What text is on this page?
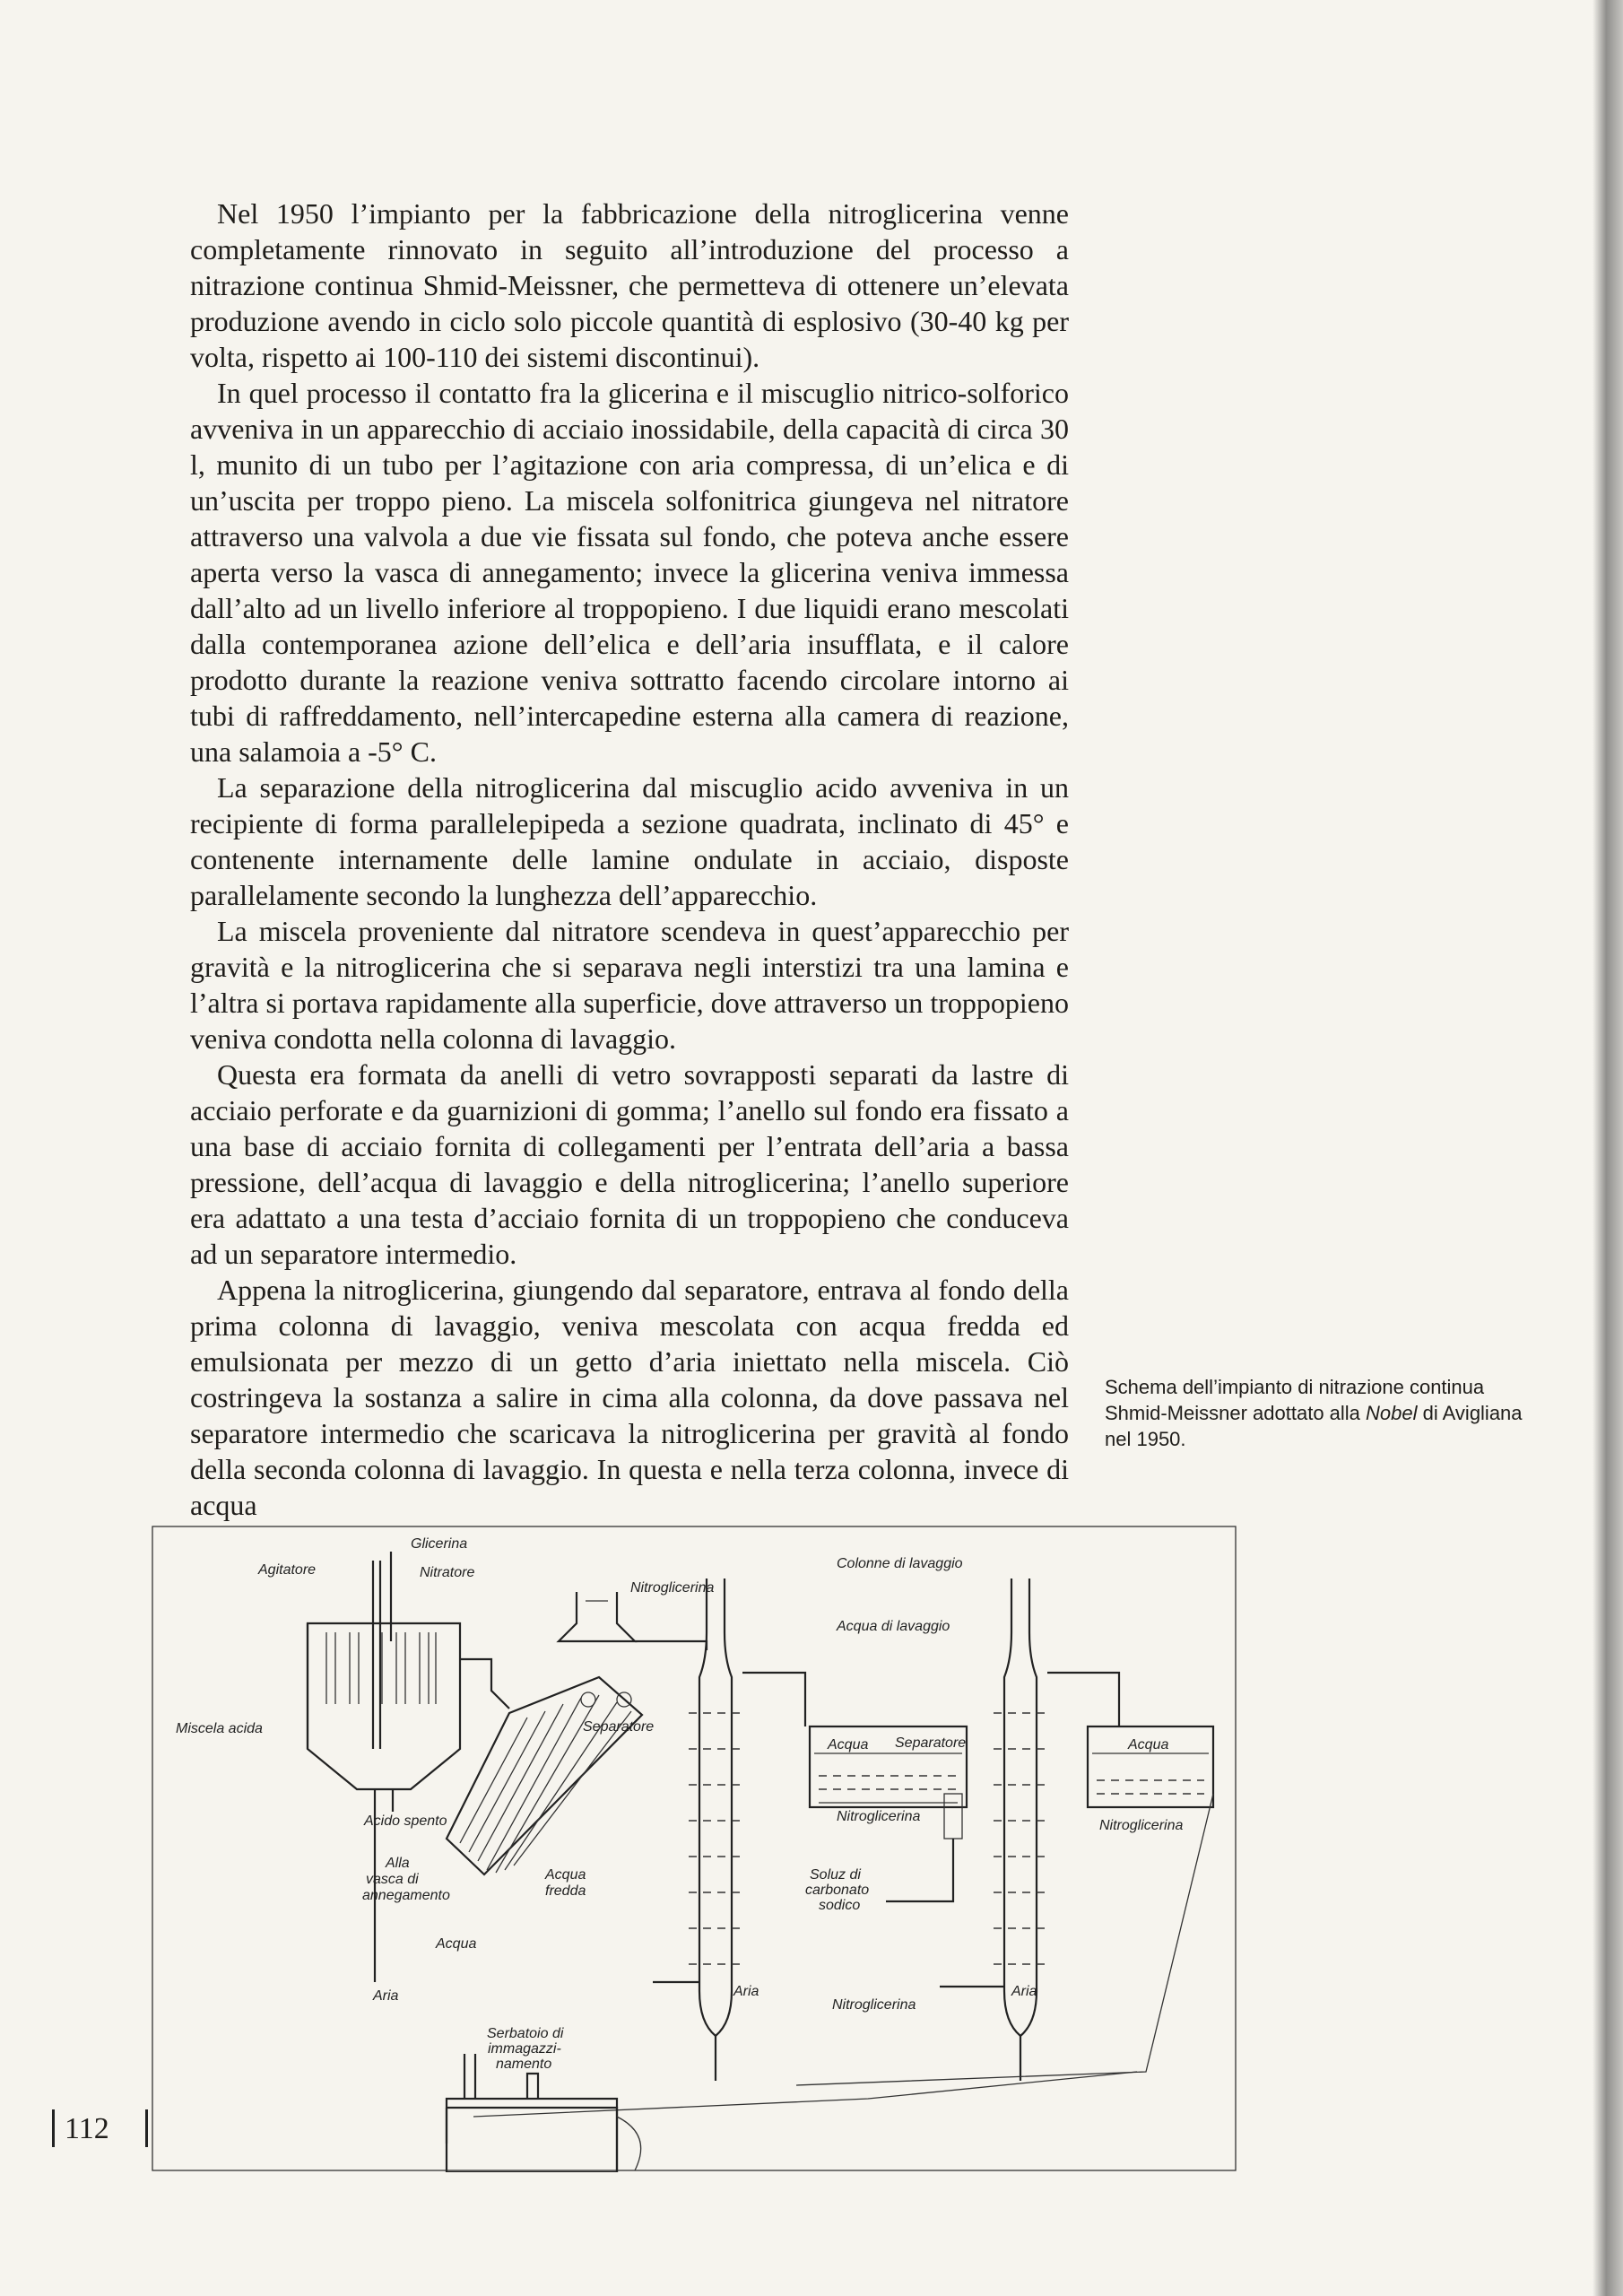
Nel 1950 l’impianto per la fabbricazione della nitroglicerina venne completamente rinnovato in seguito all’introduzione del processo a nitrazione continua Shmid-Meissner, che permetteva di ottenere un’elevata produzione avendo in ciclo solo piccole quantità di esplosivo (30-40 kg per volta, rispetto ai 100-110 dei sistemi discontinui).

In quel processo il contatto fra la glicerina e il miscuglio nitrico-solforico avveniva in un apparecchio di acciaio inossidabile, della capacità di circa 30 l, munito di un tubo per l’agitazione con aria compressa, di un’elica e di un’uscita per troppo pieno. La miscela solfonitrica giungeva nel nitratore attraverso una valvola a due vie fissata sul fondo, che poteva anche essere aperta verso la vasca di annegamento; invece la glicerina veniva immessa dall’alto ad un livello inferiore al troppopieno. I due liquidi erano mescolati dalla contemporanea azione dell’elica e dell’aria insufflata, e il calore prodotto durante la reazione veniva sottratto facendo circolare intorno ai tubi di raffreddamento, nell’intercapedine esterna alla camera di reazione, una salamoia a -5° C.

La separazione della nitroglicerina dal miscuglio acido avveniva in un recipiente di forma parallelepipeda a sezione quadrata, inclinato di 45° e contenente internamente delle lamine ondulate in acciaio, disposte parallelamente secondo la lunghezza dell’apparecchio.

La miscela proveniente dal nitratore scendeva in quest’apparecchio per gravità e la nitroglicerina che si separava negli interstizi tra una lamina e l’altra si portava rapidamente alla superficie, dove attraverso un troppopieno veniva condotta nella colonna di lavaggio.

Questa era formata da anelli di vetro sovrapposti separati da lastre di acciaio perforate e da guarnizioni di gomma; l’anello sul fondo era fissato a una base di acciaio fornita di collegamenti per l’entrata dell’aria a bassa pressione, dell’acqua di lavaggio e della nitroglicerina; l’anello superiore era adattato a una testa d’acciaio fornita di un troppopieno che conduceva ad un separatore intermedio.

Appena la nitroglicerina, giungendo dal separatore, entrava al fondo della prima colonna di lavaggio, veniva mescolata con acqua fredda ed emulsionata per mezzo di un getto d’aria iniettato nella miscela. Ciò costringeva la sostanza a salire in cima alla colonna, da dove passava nel separatore intermedio che scaricava la nitroglicerina per gravità al fondo della seconda colonna di lavaggio. In questa e nella terza colonna, invece di acqua

Schema dell’impianto di nitrazione continua Shmid-Meissner adottato alla Nobel di Avigliana nel 1950.

Glicerina
Agitatore	Nitratore
Nitroglicerina
Colonne di lavaggio
Acqua di lavaggio
Miscela acida	Separatore
Acqua Separatore	Acqua
Nitroglicerina
Nitroglicerina
Acido spento
Alla
vasca di
annegamento
Acqua
fredda
Soluz di
carbonato
sodico
Acqua
Aria	Aria	Aria
Nitroglicerina
Serbatoio di
immagazzi-
namento
112
